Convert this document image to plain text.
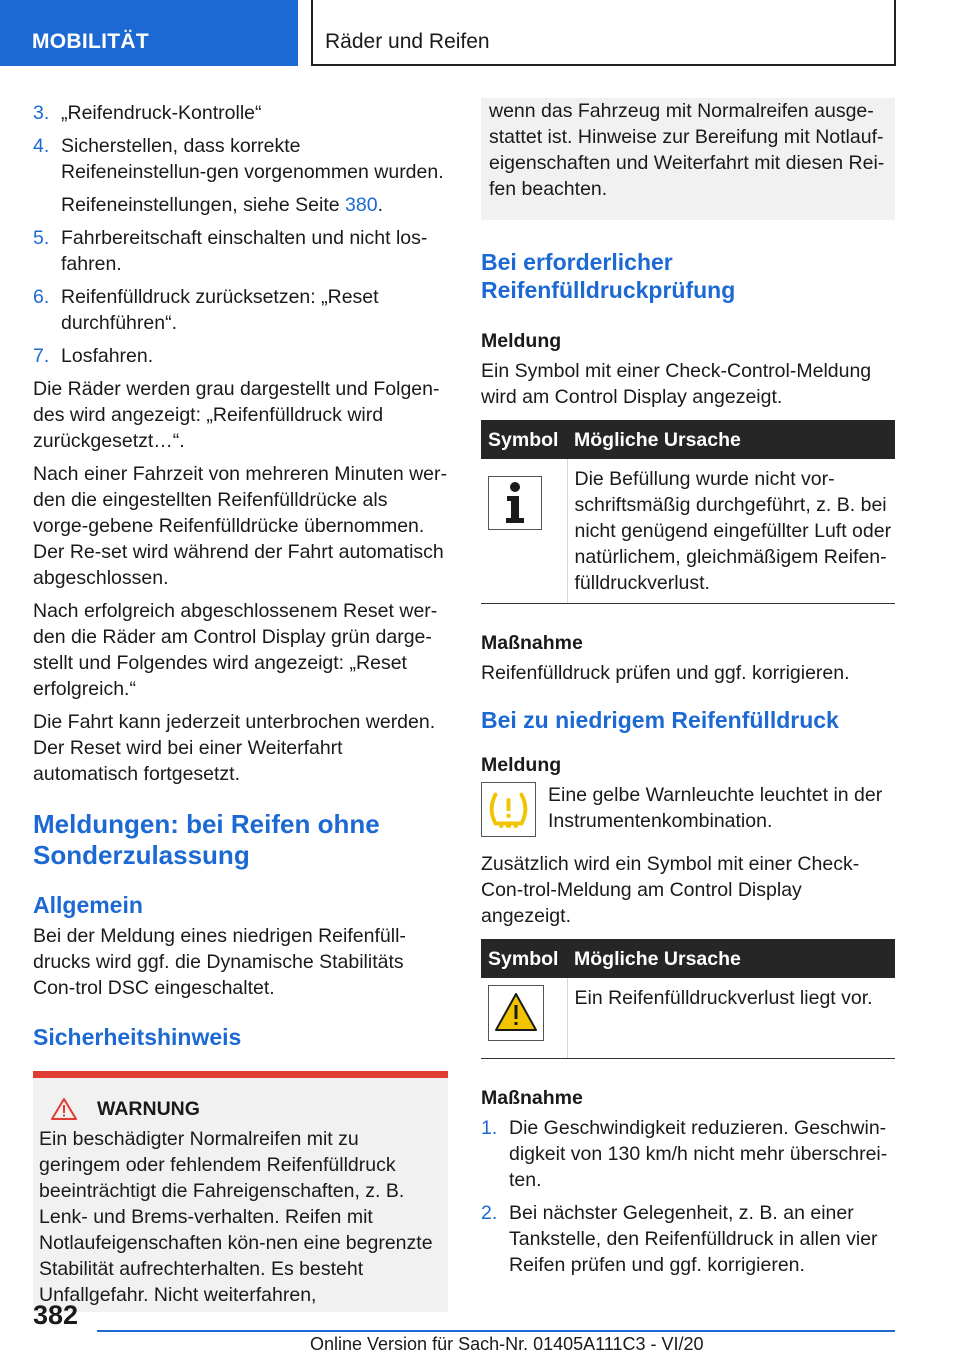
MOBILITÄT	Räder und Reifen
3. „Reifendruck-Kontrolle“
4. Sicherstellen, dass korrekte Reifeneinstellun-gen vorgenommen wurden.
Reifeneinstellungen, siehe Seite 380.
5. Fahrbereitschaft einschalten und nicht los-fahren.
6. Reifenfülldruck zurücksetzen: „Reset durchführen“.
7. Losfahren.

Die Räder werden grau dargestellt und Folgen-des wird angezeigt: „Reifenfülldruck wird zurückgesetzt…“.

Nach einer Fahrzeit von mehreren Minuten wer-den die eingestellten Reifenfülldrücke als vorge-gebene Reifenfülldrücke übernommen. Der Re-set wird während der Fahrt automatisch abgeschlossen.

Nach erfolgreich abgeschlossenem Reset wer-den die Räder am Control Display grün darge-stellt und Folgendes wird angezeigt: „Reset erfolgreich.“

Die Fahrt kann jederzeit unterbrochen werden. Der Reset wird bei einer Weiterfahrt automatisch fortgesetzt.

Meldungen: bei Reifen ohne Sonderzulassung
Allgemein

Bei der Meldung eines niedrigen Reifenfüll-drucks wird ggf. die Dynamische Stabilitäts Con-trol DSC eingeschaltet.

Sicherheitshinweis
WARNUNG
Ein beschädigter Normalreifen mit zu geringem oder fehlendem Reifenfülldruck beeinträchtigt die Fahreigenschaften, z. B. Lenk- und Brems-verhalten. Reifen mit Notlaufeigenschaften kön-nen eine begrenzte Stabilität aufrechterhalten. Es besteht Unfallgefahr. Nicht weiterfahren,
wenn das Fahrzeug mit Normalreifen ausge-stattet ist. Hinweise zur Bereifung mit Notlauf-eigenschaften und Weiterfahrt mit diesen Rei-fen beachten.
Bei erforderlicher Reifenfülldruckprüfung
Meldung

Ein Symbol mit einer Check-Control-Meldung wird am Control Display angezeigt.

Symbol	Mögliche Ursache

	Die Befüllung wurde nicht vor-schriftsmäßig durchgeführt, z. B. bei nicht genügend eingefüllter Luft oder natürlichem, gleichmäßigem Reifen-fülldruckverlust.
Maßnahme

Reifenfülldruck prüfen und ggf. korrigieren.

Bei zu niedrigem Reifenfülldruck
Meldung
Eine gelbe Warnleuchte leuchtet in der Instrumentenkombination.

Zusätzlich wird ein Symbol mit einer Check-Con-trol-Meldung am Control Display angezeigt.

Symbol	Mögliche Ursache
	Ein Reifenfülldruckverlust liegt vor.
Maßnahme
1. Die Geschwindigkeit reduzieren. Geschwin-digkeit von 130 km/h nicht mehr überschrei-ten.
2. Bei nächster Gelegenheit, z. B. an einer Tankstelle, den Reifenfülldruck in allen vier Reifen prüfen und ggf. korrigieren.
382
Online Version für Sach-Nr. 01405A111C3 - VI/20
